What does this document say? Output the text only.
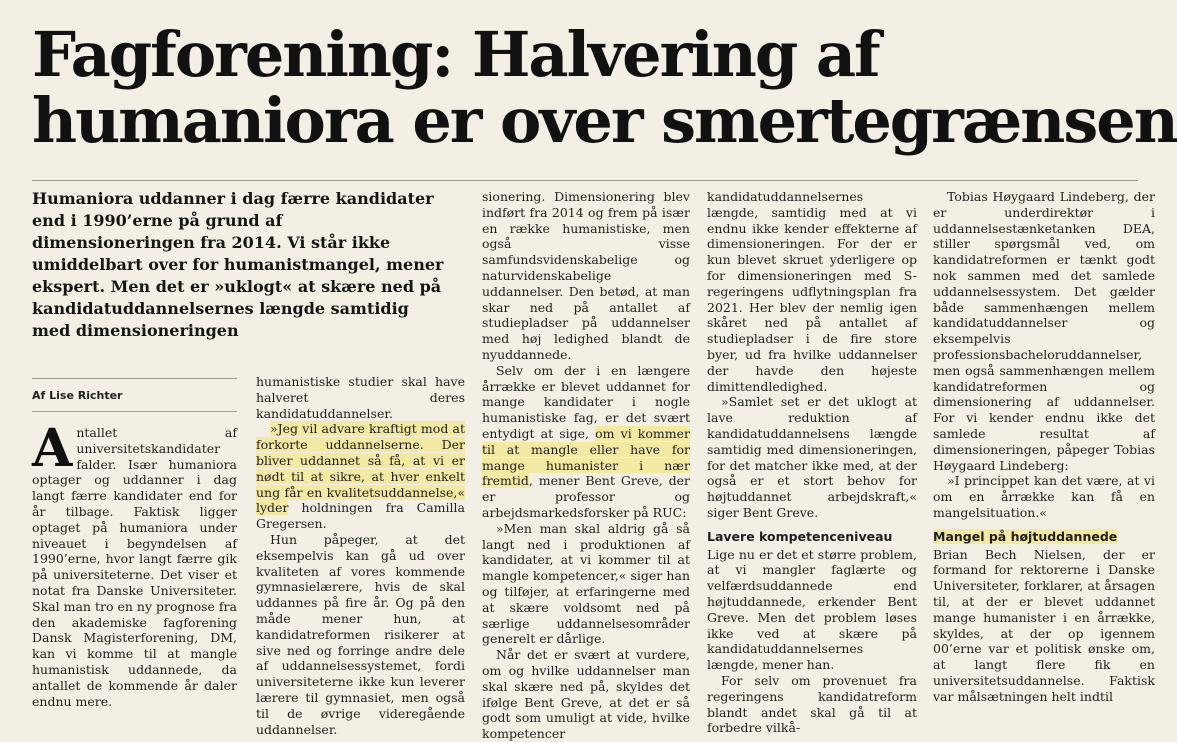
Fagforening: Halvering af
humaniora er over smertegrænsen

Humaniora uddanner i dag færre kandidater end i 1990’erne på grund af dimensioneringen fra 2014. Vi står ikke umiddelbart over for humanistmangel, mener ekspert. Men det er »uklogt« at skære ned på kandidatuddannelsernes længde samtidig med dimensioneringen

Af Lise Richter

Antallet af universitetskandidater falder. Især humaniora optager og uddanner i dag langt færre kandidater end for år tilbage. Faktisk ligger optaget på humaniora under niveauet i begyndelsen af 1990’erne, hvor langt færre gik på universiteterne. Det viser et notat fra Danske Universiteter. Skal man tro en ny prognose fra den akademiske fagforening Dansk Magisterforening, DM, kan vi komme til at mangle humanistisk uddannede, da antallet de kommende år daler endnu mere.

humanistiske studier skal have halveret deres kandidatuddannelser.

»Jeg vil advare kraftigt mod at forkorte uddannelserne. Der bliver uddannet så få, at vi er nødt til at sikre, at hver enkelt ung får en kvalitetsuddannelse,« lyder holdningen fra Camilla Gregersen.

Hun påpeger, at det eksempelvis kan gå ud over kvaliteten af vores kommende gymnasielærere, hvis de skal uddannes på fire år. Og på den måde mener hun, at kandidatreformen risikerer at sive ned og forringe andre dele af uddannelsessystemet, fordi universiteterne ikke kun leverer lærere til gymnasiet, men også til de øvrige videregående uddannelser.

sionering. Dimensionering blev indført fra 2014 og frem på især en række humanistiske, men også visse samfundsvidenskabelige og naturvidenskabelige uddannelser. Den betød, at man skar ned på antallet af studiepladser på uddannelser med høj ledighed blandt de nyuddannede.

Selv om der i en længere årrække er blevet uddannet for mange kandidater i nogle humanistiske fag, er det svært entydigt at sige, om vi kommer til at mangle eller have for mange humanister i nær fremtid, mener Bent Greve, der er professor og arbejdsmarkedsforsker på RUC:

»Men man skal aldrig gå så langt ned i produktionen af kandidater, at vi kommer til at mangle kompetencer,« siger han og tilføjer, at erfaringerne med at skære voldsomt ned på særlige uddannelsesområder generelt er dårlige.

Når det er svært at vurdere, om og hvilke uddannelser man skal skære ned på, skyldes det ifølge Bent Greve, at det er så godt som umuligt at vide, hvilke kompetencer

kandidatuddannelsernes længde, samtidig med at vi endnu ikke kender effekterne af dimensioneringen. For der er kun blevet skruet yderligere op for dimensioneringen med S-regeringens udflytningsplan fra 2021. Her blev der nemlig igen skåret ned på antallet af studiepladser i de fire store byer, ud fra hvilke uddannelser der havde den højeste dimittendledighed.

»Samlet set er det uklogt at lave reduktion af kandidatuddannelsens længde samtidig med dimensioneringen, for det matcher ikke med, at der også er et stort behov for højtuddannet arbejdskraft,« siger Bent Greve.

Lavere kompetenceniveau

Lige nu er det et større problem, at vi mangler faglærte og velfærdsuddannede end højtuddannede, erkender Bent Greve. Men det problem løses ikke ved at skære på kandidatuddannelsernes længde, mener han.

For selv om provenuet fra regeringens kandidatreform blandt andet skal gå til at forbedre vilkå-

Tobias Høygaard Lindeberg, der er underdirektør i uddannelsestænketanken DEA, stiller spørgsmål ved, om kandidatreformen er tænkt godt nok sammen med det samlede uddannelsessystem. Det gælder både sammenhængen mellem kandidatuddannelser og eksempelvis professionsbacheloruddannelser, men også sammenhængen mellem kandidatreformen og dimensionering af uddannelser. For vi kender endnu ikke det samlede resultat af dimensioneringen, påpeger Tobias Høygaard Lindeberg:

»I princippet kan det være, at vi om en årrække kan få en mangelsituation.«

Mangel på højtuddannede

Brian Bech Nielsen, der er formand for rektorerne i Danske Universiteter, forklarer, at årsagen til, at der er blevet uddannet mange humanister i en årrække, skyldes, at der op igennem 00’erne var et politisk ønske om, at langt flere fik en universitetsuddannelse. Faktisk var målsætningen helt indtil
